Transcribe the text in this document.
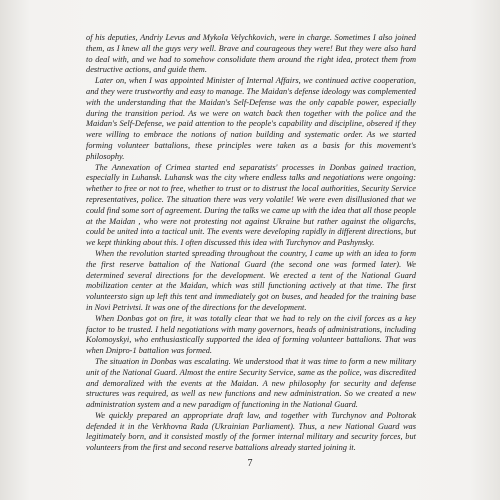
of his deputies, Andriy Levus and Mykola Velychkovich, were in charge. Sometimes I also joined them, as I knew all the guys very well. Brave and courageous they were! But they were also hard to deal with, and we had to somehow consolidate them around the right idea, protect them from destructive actions, and guide them.

Later on, when I was appointed Minister of Internal Affairs, we continued active cooperation, and they were trustworthy and easy to manage. The Maidan's defense ideology was complemented with the understanding that the Maidan's Self-Defense was the only capable power, especially during the transition period. As we were on watch back then together with the police and the Maidan's Self-Defense, we paid attention to the people's capability and discipline, obsered if they were willing to embrace the notions of nation building and systematic order. As we started forming volunteer battalions, these principles were taken as a basis for this movement's philosophy.

The Annexation of Crimea started end separatists' processes in Donbas gained traction, especially in Luhansk. Luhansk was the city where endless talks and negotiations were ongoing: whether to free or not to free, whether to trust or to distrust the local authorities, Security Service representatives, police. The situation there was very volatile! We were even disillusioned that we could find some sort of agreement. During the talks we came up with the idea that all those people at the Maidan , who were not protesting not against Ukraine but rather against the oligarchs, could be united into a tactical unit. The events were developing rapidly in different directions, but we kept thinking about this. I often discussed this idea with Turchynov and Pashynsky.

When the revolution started spreading throughout the country, I came up with an idea to form the first reserve battalion of the National Guard (the second one was formed later). We determined several directions for the development. We erected a tent of the National Guard mobilization center at the Maidan, which was still functioning actively at that time. The first volunteersto sign up left this tent and immediately got on buses, and headed for the training base in Novi Petrivtsi. It was one of the directions for the development.

When Donbas got on fire, it was totally clear that we had to rely on the civil forces as a key factor to be trusted. I held negotiations with many governors, heads of administrations, including Kolomoyskyi, who enthusiastically supported the idea of forming volunteer battalions. That was when Dnipro-1 battalion was formed.

The situation in Donbas was escalating. We understood that it was time to form a new military unit of the National Guard. Almost the entire Security Service, same as the police, was discredited and demoralized with the events at the Maidan. A new philosophy for security and defense structures was required, as well as new functions and new administration. So we created a new administration system and a new paradigm of functioning in the National Guard.

We quickly prepared an appropriate draft law, and together with Turchynov and Poltorak defended it in the Verkhovna Rada (Ukrainian Parliament). Thus, a new National Guard was legitimately born, and it consisted mostly of the former internal military and security forces, but volunteers from the first and second reserve battalions already started joining it.

7
